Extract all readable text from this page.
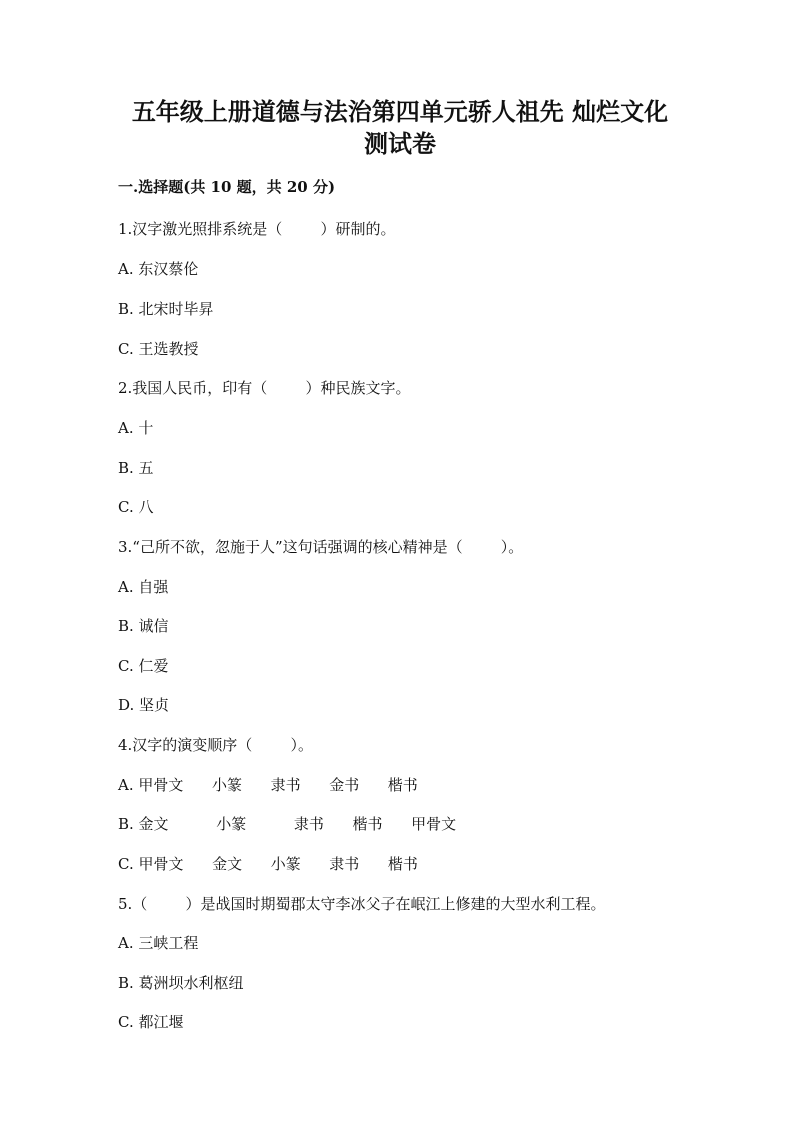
五年级上册道德与法治第四单元骄人祖先 灿烂文化
测试卷
一.选择题(共 10 题，共 20 分)
1.汉字激光照排系统是（        ）研制的。
A. 东汉蔡伦
B. 北宋时毕昇
C. 王选教授
2.我国人民币，印有（        ）种民族文字。
A. 十
B. 五
C. 八
3.“己所不欲，忽施于人”这句话强调的核心精神是（        ）。
A. 自强
B. 诚信
C. 仁爱
D. 坚贞
4.汉字的演变顺序（        ）。
A. 甲骨文      小篆      隶书      金书      楷书
B. 金文          小篆          隶书      楷书      甲骨文
C. 甲骨文      金文      小篆      隶书      楷书
5.（        ）是战国时期蜀郡太守李冰父子在岷江上修建的大型水利工程。
A. 三峡工程
B. 葛洲坝水利枢纽
C. 都江堰
